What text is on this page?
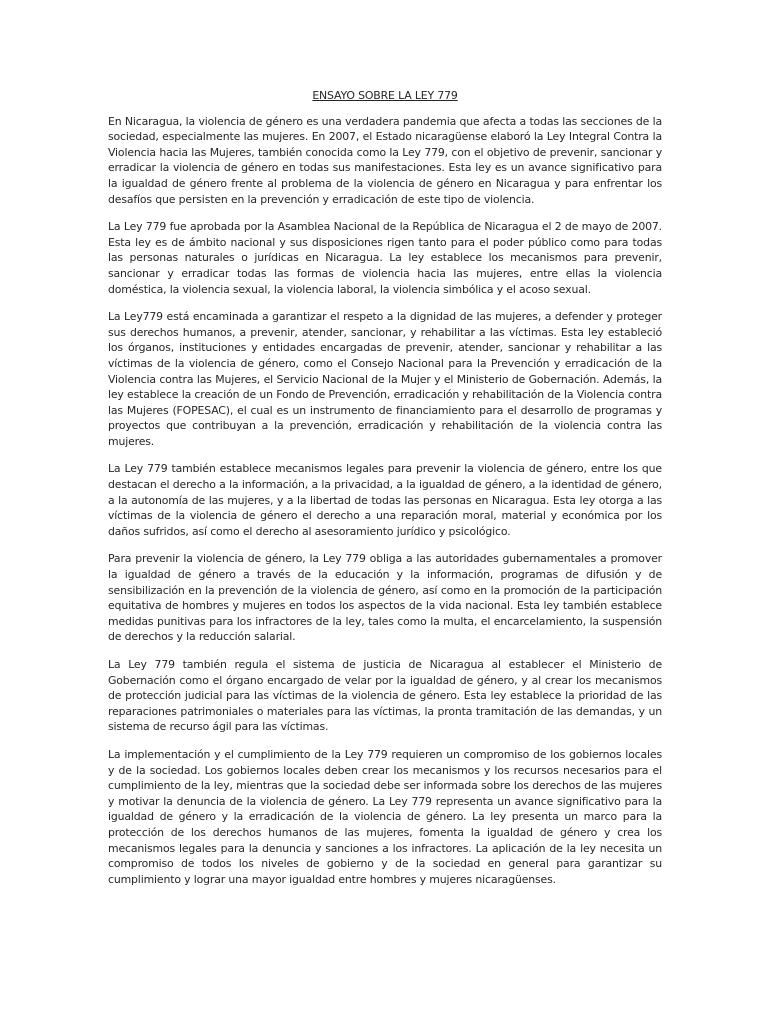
ENSAYO SOBRE LA LEY 779

En Nicaragua, la violencia de género es una verdadera pandemia que afecta a todas las secciones de la sociedad, especialmente las mujeres. En 2007, el Estado nicaragüense elaboró la Ley Integral Contra la Violencia hacia las Mujeres, también conocida como la Ley 779, con el objetivo de prevenir, sancionar y erradicar la violencia de género en todas sus manifestaciones. Esta ley es un avance significativo para la igualdad de género frente al problema de la violencia de género en Nicaragua y para enfrentar los desafíos que persisten en la prevención y erradicación de este tipo de violencia.

La Ley 779 fue aprobada por la Asamblea Nacional de la República de Nicaragua el 2 de mayo de 2007. Esta ley es de ámbito nacional y sus disposiciones rigen tanto para el poder público como para todas las personas naturales o jurídicas en Nicaragua. La ley establece los mecanismos para prevenir, sancionar y erradicar todas las formas de violencia hacia las mujeres, entre ellas la violencia doméstica, la violencia sexual, la violencia laboral, la violencia simbólica y el acoso sexual.

La Ley779 está encaminada a garantizar el respeto a la dignidad de las mujeres, a defender y proteger sus derechos humanos, a prevenir, atender, sancionar, y rehabilitar a las víctimas. Esta ley estableció los órganos, instituciones y entidades encargadas de prevenir, atender, sancionar y rehabilitar a las víctimas de la violencia de género, como el Consejo Nacional para la Prevención y erradicación de la Violencia contra las Mujeres, el Servicio Nacional de la Mujer y el Ministerio de Gobernación. Además, la ley establece la creación de un Fondo de Prevención, erradicación y rehabilitación de la Violencia contra las Mujeres (FOPESAC), el cual es un instrumento de financiamiento para el desarrollo de programas y proyectos que contribuyan a la prevención, erradicación y rehabilitación de la violencia contra las mujeres.

La Ley 779 también establece mecanismos legales para prevenir la violencia de género, entre los que destacan el derecho a la información, a la privacidad, a la igualdad de género, a la identidad de género, a la autonomía de las mujeres, y a la libertad de todas las personas en Nicaragua. Esta ley otorga a las víctimas de la violencia de género el derecho a una reparación moral, material y económica por los daños sufridos, así como el derecho al asesoramiento jurídico y psicológico.

Para prevenir la violencia de género, la Ley 779 obliga a las autoridades gubernamentales a promover la igualdad de género a través de la educación y la información, programas de difusión y de sensibilización en la prevención de la violencia de género, así como en la promoción de la participación equitativa de hombres y mujeres en todos los aspectos de la vida nacional. Esta ley también establece medidas punitivas para los infractores de la ley, tales como la multa, el encarcelamiento, la suspensión de derechos y la reducción salarial.

La Ley 779 también regula el sistema de justicia de Nicaragua al establecer el Ministerio de Gobernación como el órgano encargado de velar por la igualdad de género, y al crear los mecanismos de protección judicial para las víctimas de la violencia de género. Esta ley establece la prioridad de las reparaciones patrimoniales o materiales para las víctimas, la pronta tramitación de las demandas, y un sistema de recurso ágil para las víctimas.

La implementación y el cumplimiento de la Ley 779 requieren un compromiso de los gobiernos locales y de la sociedad. Los gobiernos locales deben crear los mecanismos y los recursos necesarios para el cumplimiento de la ley, mientras que la sociedad debe ser informada sobre los derechos de las mujeres y motivar la denuncia de la violencia de género. La Ley 779 representa un avance significativo para la igualdad de género y la erradicación de la violencia de género. La ley presenta un marco para la protección de los derechos humanos de las mujeres, fomenta la igualdad de género y crea los mecanismos legales para la denuncia y sanciones a los infractores. La aplicación de la ley necesita un compromiso de todos los niveles de gobierno y de la sociedad en general para garantizar su cumplimiento y lograr una mayor igualdad entre hombres y mujeres nicaragüenses.
